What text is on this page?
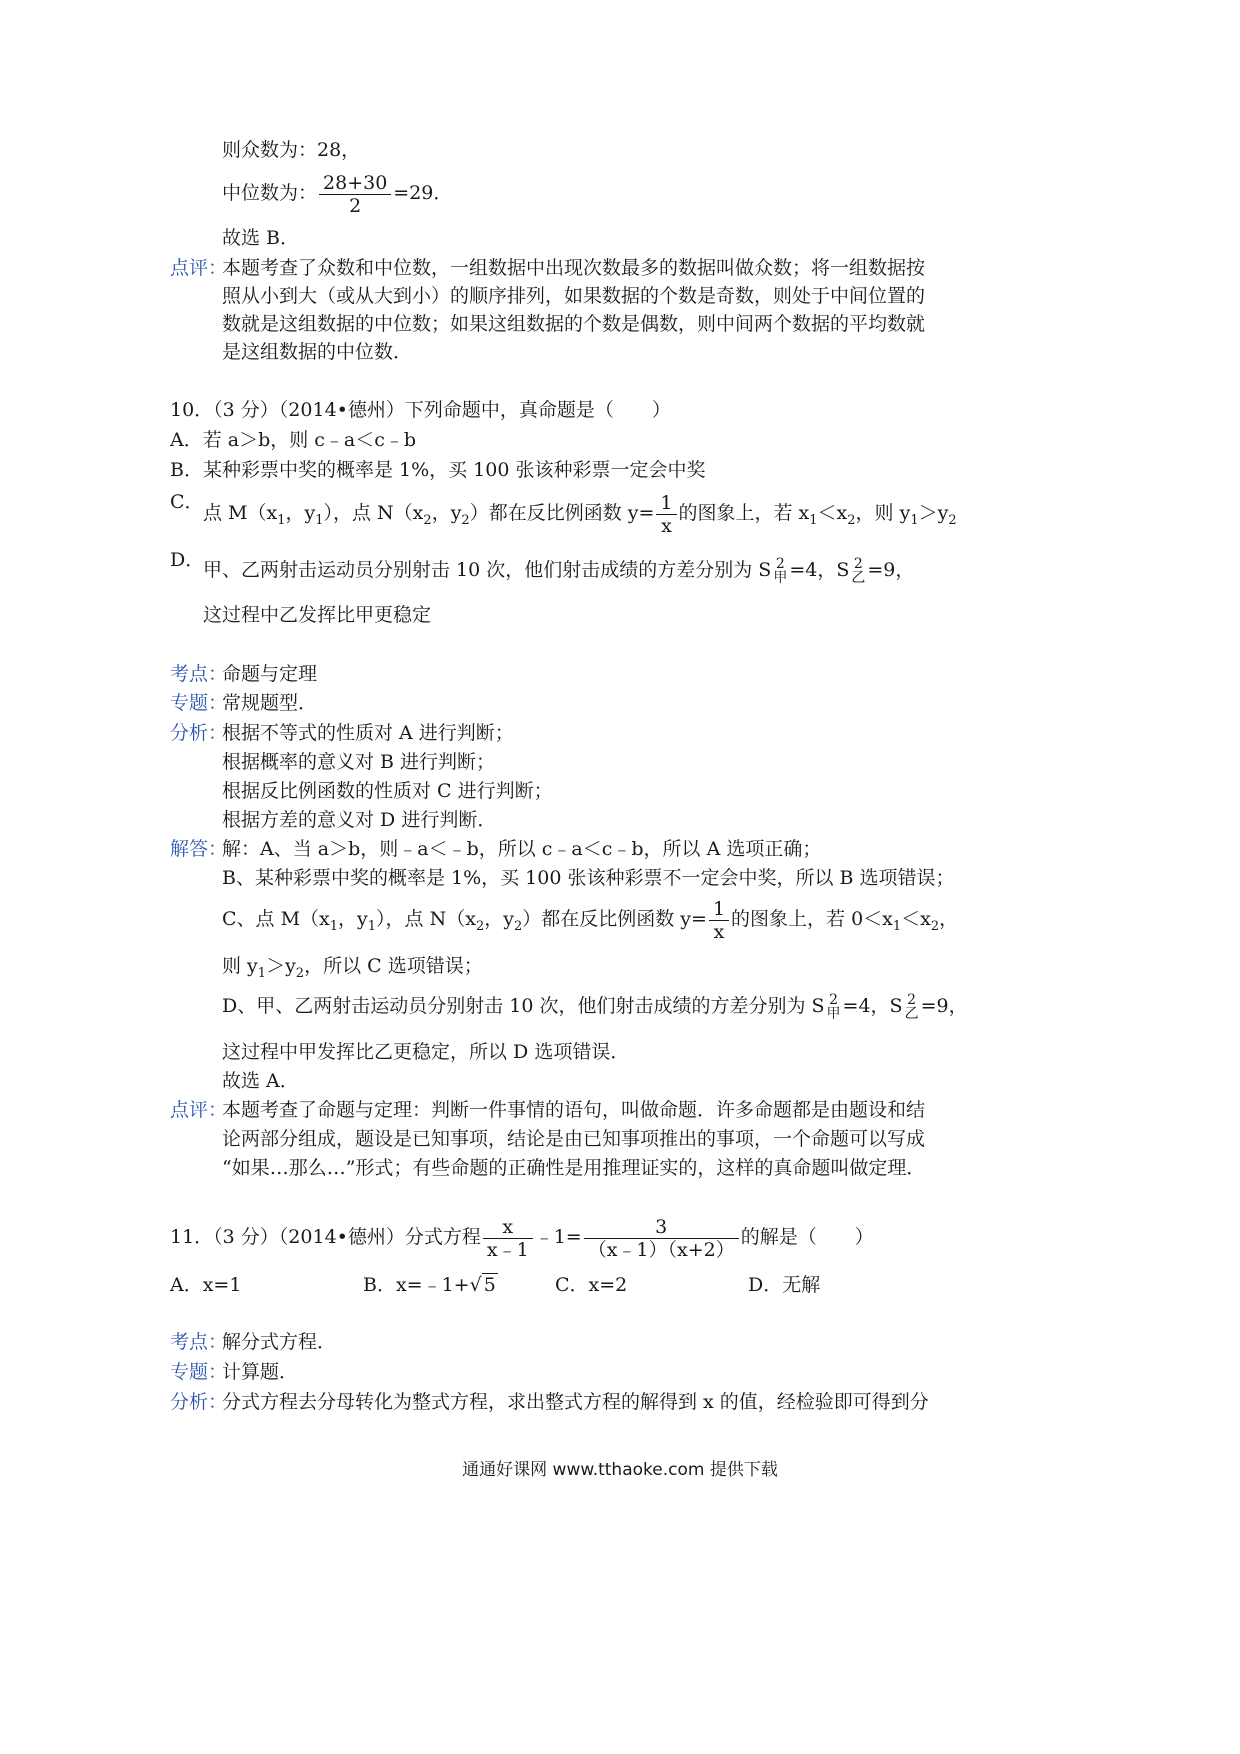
则众数为：28，
中位数为： $\frac{28+30}{2} =29$．
故选 B．
点评：
本题考查了众数和中位数，一组数据中出现次数最多的数据叫做众数；将一组数据按
照从小到大（或从大到小）的顺序排列，如果数据的个数是奇数，则处于中间位置的
数就是这组数据的中位数；如果这组数据的个数是偶数，则中间两个数据的平均数就
是这组数据的中位数．
10．（3 分）（2014•德州）下列命题中，真命题是（　　）
A．若 a＞b，则 c﹣a＜c﹣b
B．某种彩票中奖的概率是 1%，买 100 张该种彩票一定会中奖
C． 点 $M(x_1$，$y_1$），点 $N(x_2$，$y_2$）都在反比例函数 $y= \frac{1}{x}$ 的图象上，若 $x_1<x_2$，则 $y_1>y_2$
D．
甲、乙两射击运动员分别射击 10 次，他们射击成绩的方差分别为 S 2
甲 =4，S 2
乙 =9，
这过程中乙发挥比甲更稳定
考点：
命题与定理
专题：
常规题型．
分析：
根据不等式的性质对 A 进行判断；
根据概率的意义对 B 进行判断；
根据反比例函数的性质对 C 进行判断；
根据方差的意义对 D 进行判断．
解答：
解：A、当 a＞b，则﹣a＜﹣b，所以 c﹣a＜c﹣b，所以 A 选项正确；
B、某种彩票中奖的概率是 1%，买 100 张该种彩票不一定会中奖，所以 B 选项错误；
C、点 $M(x_1$，$y_1$），点 $N(x_2$，$y_2$）都在反比例函数 $y= \frac{1}{x}$ 的图象上，若 $0<x_1<x_2$，
则 $y_1>y_2$，所以 C 选项错误；
D、甲、乙两射击运动员分别射击 10 次，他们射击成绩的方差分别为 S 2
甲 =4，S 2
乙 =9，
这过程中甲发挥比乙更稳定，所以 D 选项错误．
故选 A．
点评：
本题考查了命题与定理：判断一件事情的语句，叫做命题．许多命题都是由题设和结
论两部分组成，题设是已知事项，结论是由已知事项推出的事项，一个命题可以写成
“如果…那么…”形式；有些命题的正确性是用推理证实的，这样的真命题叫做定理．
11．（3 分）（2014•德州）分式方程 $\frac{x}{x﹣1}$ ﹣1= $\frac{3}{(x﹣1)(x+2)}$ 的解是（　　）
A．x=1	B．x=﹣1+√ 5	C．x=2	D．无解
考点：
解分式方程．
专题：
计算题．
分析：
分式方程去分母转化为整式方程，求出整式方程的解得到 x 的值，经检验即可得到分
通通好课网 www.tthaoke.com 提供下载
